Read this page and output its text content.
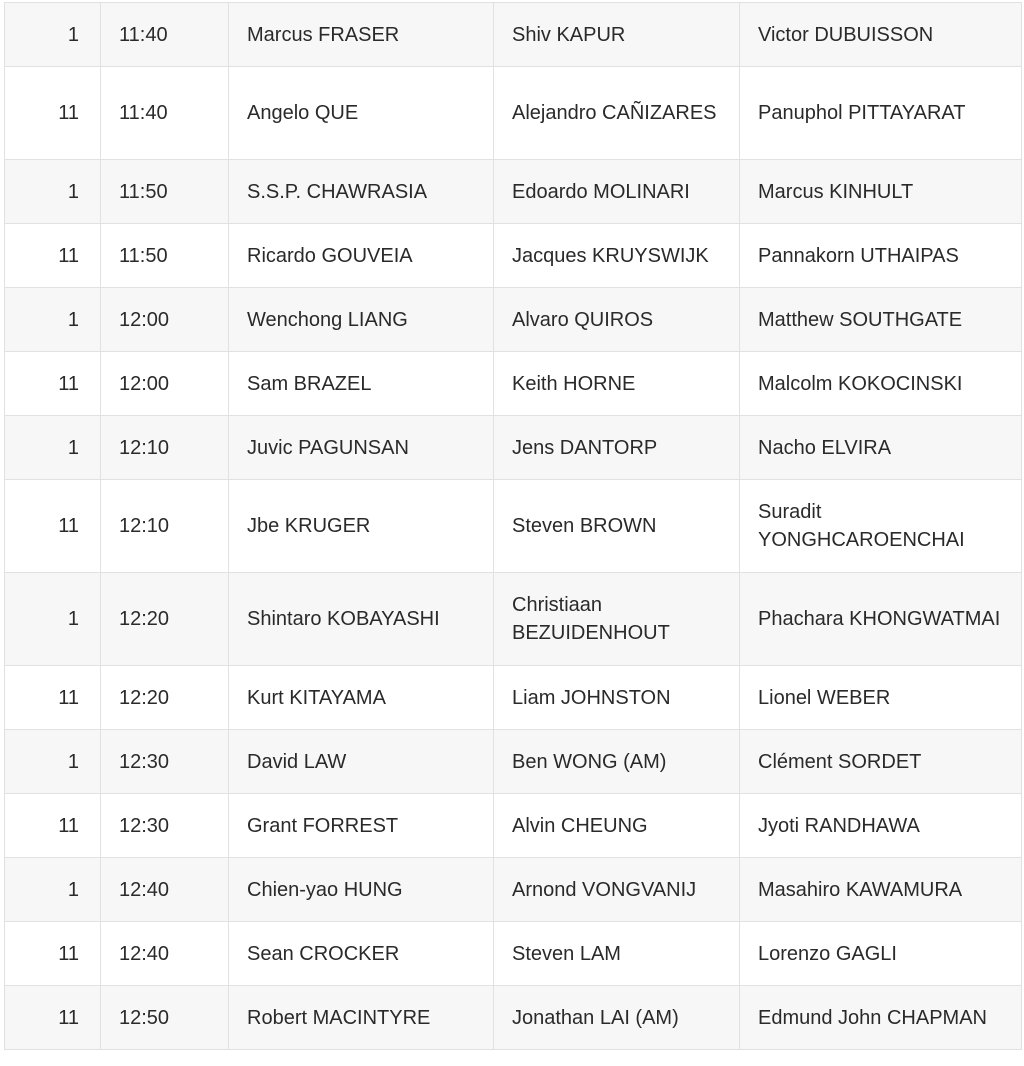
1	11:40	Marcus FRASER	Shiv KAPUR	Victor DUBUISSON
11	11:40	Angelo QUE	Alejandro CAÑIZARES	Panuphol PITTAYARAT
1	11:50	S.S.P. CHAWRASIA	Edoardo MOLINARI	Marcus KINHULT
11	11:50	Ricardo GOUVEIA	Jacques KRUYSWIJK	Pannakorn UTHAIPAS
1	12:00	Wenchong LIANG	Alvaro QUIROS	Matthew SOUTHGATE
11	12:00	Sam BRAZEL	Keith HORNE	Malcolm KOKOCINSKI
1	12:10	Juvic PAGUNSAN	Jens DANTORP	Nacho ELVIRA
11	12:10	Jbe KRUGER	Steven BROWN	Suradit YONGHCAROENCHAI
1	12:20	Shintaro KOBAYASHI	Christiaan BEZUIDENHOUT	Phachara KHONGWATMAI
11	12:20	Kurt KITAYAMA	Liam JOHNSTON	Lionel WEBER
1	12:30	David LAW	Ben WONG (AM)	Clément SORDET
11	12:30	Grant FORREST	Alvin CHEUNG	Jyoti RANDHAWA
1	12:40	Chien-yao HUNG	Arnond VONGVANIJ	Masahiro KAWAMURA
11	12:40	Sean CROCKER	Steven LAM	Lorenzo GAGLI
11	12:50	Robert MACINTYRE	Jonathan LAI (AM)	Edmund John CHAPMAN
